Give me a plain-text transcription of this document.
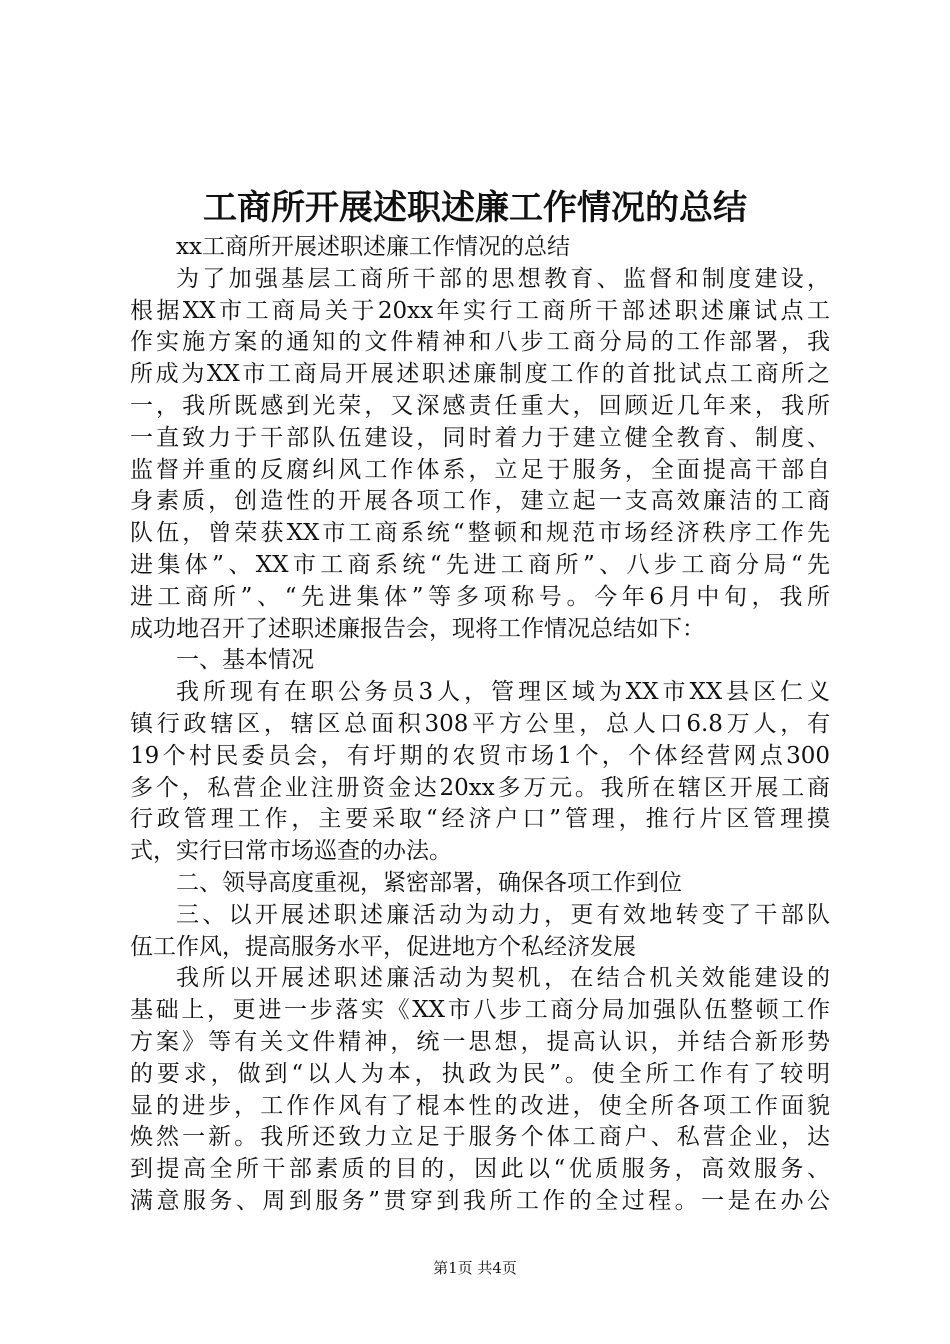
工商所开展述职述廉工作情况的总结
xx工商所开展述职述廉工作情况的总结
为了加强基层工商所干部的思想教育、监督和制度建设，
根据XX市工商局关于20xx年实行工商所干部述职述廉试点工
作实施方案的通知的文件精神和八步工商分局的工作部署，我
所成为XX市工商局开展述职述廉制度工作的首批试点工商所之
一，我所既感到光荣，又深感责任重大，回顾近几年来，我所
一直致力于干部队伍建设，同时着力于建立健全教育、制度、
监督并重的反腐纠风工作体系，立足于服务，全面提高干部自
身素质，创造性的开展各项工作，建立起一支高效廉洁的工商
队伍，曾荣获XX市工商系统“整顿和规范市场经济秩序工作先
进集体”、XX市工商系统“先进工商所”、八步工商分局“先
进工商所”、“先进集体”等多项称号。今年6月中旬，我所
成功地召开了述职述廉报告会，现将工作情况总结如下：
一、基本情况
我所现有在职公务员3人，管理区域为XX市XX县区仁义
镇行政辖区，辖区总面积308平方公里，总人口6.8万人，有
19个村民委员会，有圩期的农贸市场1个，个体经营网点300
多个，私营企业注册资金达20xx多万元。我所在辖区开展工商
行政管理工作，主要采取“经济户口”管理，推行片区管理摸
式，实行曰常市场巡查的办法。
二、领导高度重视，紧密部署，确保各项工作到位
三、以开展述职述廉活动为动力，更有效地转变了干部队
伍工作风，提高服务水平，促进地方个私经济发展
我所以开展述职述廉活动为契机，在结合机关效能建设的
基础上，更进一步落实《XX市八步工商分局加强队伍整顿工作
方案》等有关文件精神，统一思想，提高认识，并结合新形势
的要求，做到“以人为本，执政为民”。使全所工作有了较明
显的进步，工作作风有了棍本性的改进，使全所各项工作面貌
焕然一新。我所还致力立足于服务个体工商户、私营企业，达
到提高全所干部素质的目的，因此以“优质服务，高效服务、
满意服务、周到服务”贯穿到我所工作的全过程。一是在办公
第1页 共4页
